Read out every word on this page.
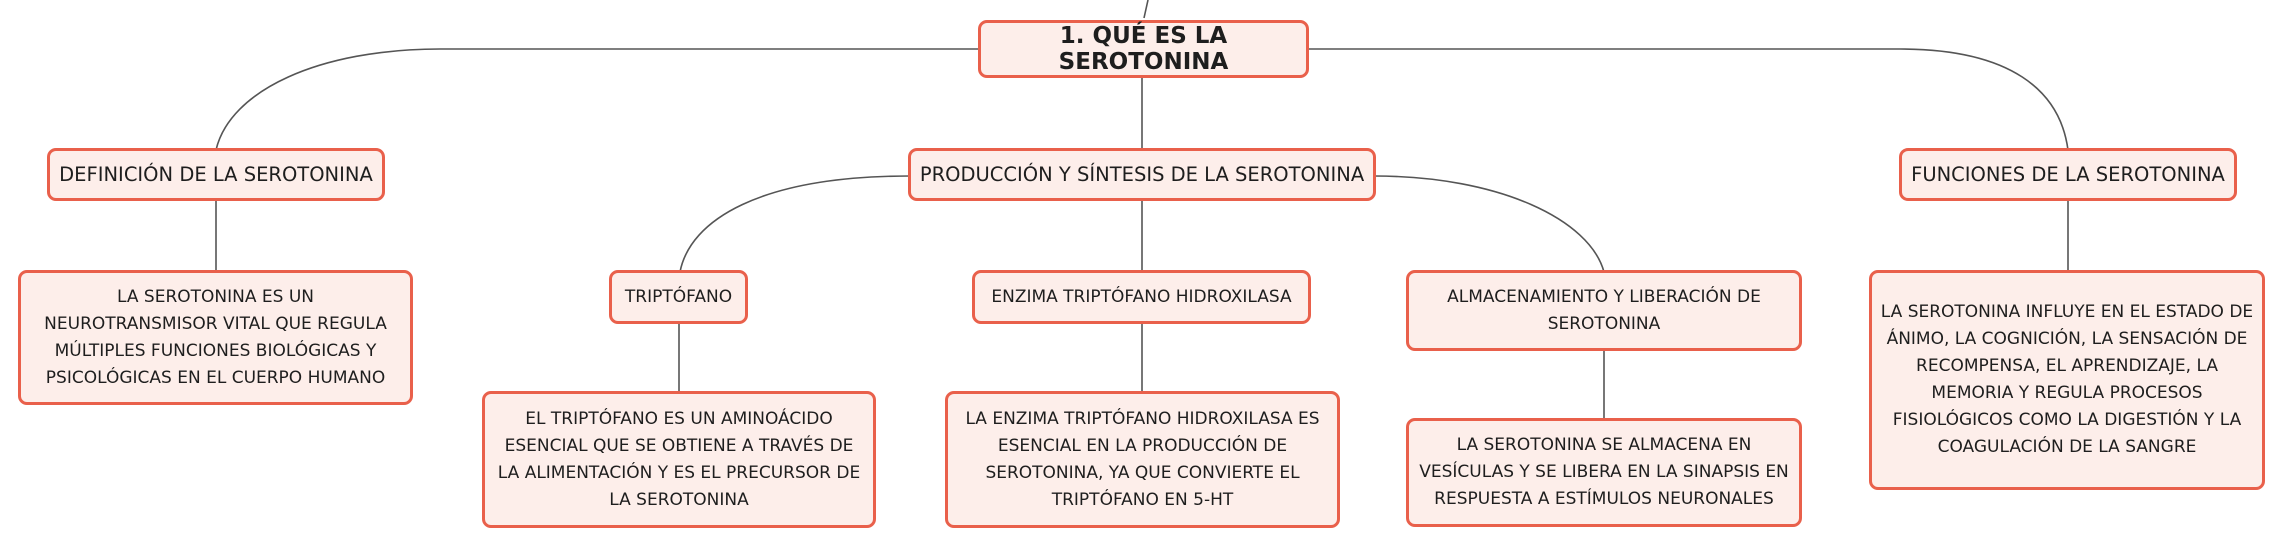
1. QUÉ ES LA SEROTONINA
DEFINICIÓN DE LA SEROTONINA
LA SEROTONINA ES UN NEUROTRANSMISOR VITAL QUE REGULA MÚLTIPLES FUNCIONES BIOLÓGICAS Y PSICOLÓGICAS EN EL CUERPO HUMANO
PRODUCCIÓN Y SÍNTESIS DE LA SEROTONINA
TRIPTÓFANO
EL TRIPTÓFANO ES UN AMINOÁCIDO ESENCIAL QUE SE OBTIENE A TRAVÉS DE LA ALIMENTACIÓN Y ES EL PRECURSOR DE LA SEROTONINA
ENZIMA TRIPTÓFANO HIDROXILASA
LA ENZIMA TRIPTÓFANO HIDROXILASA ES ESENCIAL EN LA PRODUCCIÓN DE SEROTONINA, YA QUE CONVIERTE EL TRIPTÓFANO EN 5-HT
ALMACENAMIENTO Y LIBERACIÓN DE SEROTONINA
LA SEROTONINA SE ALMACENA EN VESÍCULAS Y SE LIBERA EN LA SINAPSIS EN RESPUESTA A ESTÍMULOS NEURONALES
FUNCIONES DE LA SEROTONINA
LA SEROTONINA INFLUYE EN EL ESTADO DE ÁNIMO, LA COGNICIÓN, LA SENSACIÓN DE RECOMPENSA, EL APRENDIZAJE, LA MEMORIA Y REGULA PROCESOS FISIOLÓGICOS COMO LA DIGESTIÓN Y LA COAGULACIÓN DE LA SANGRE
